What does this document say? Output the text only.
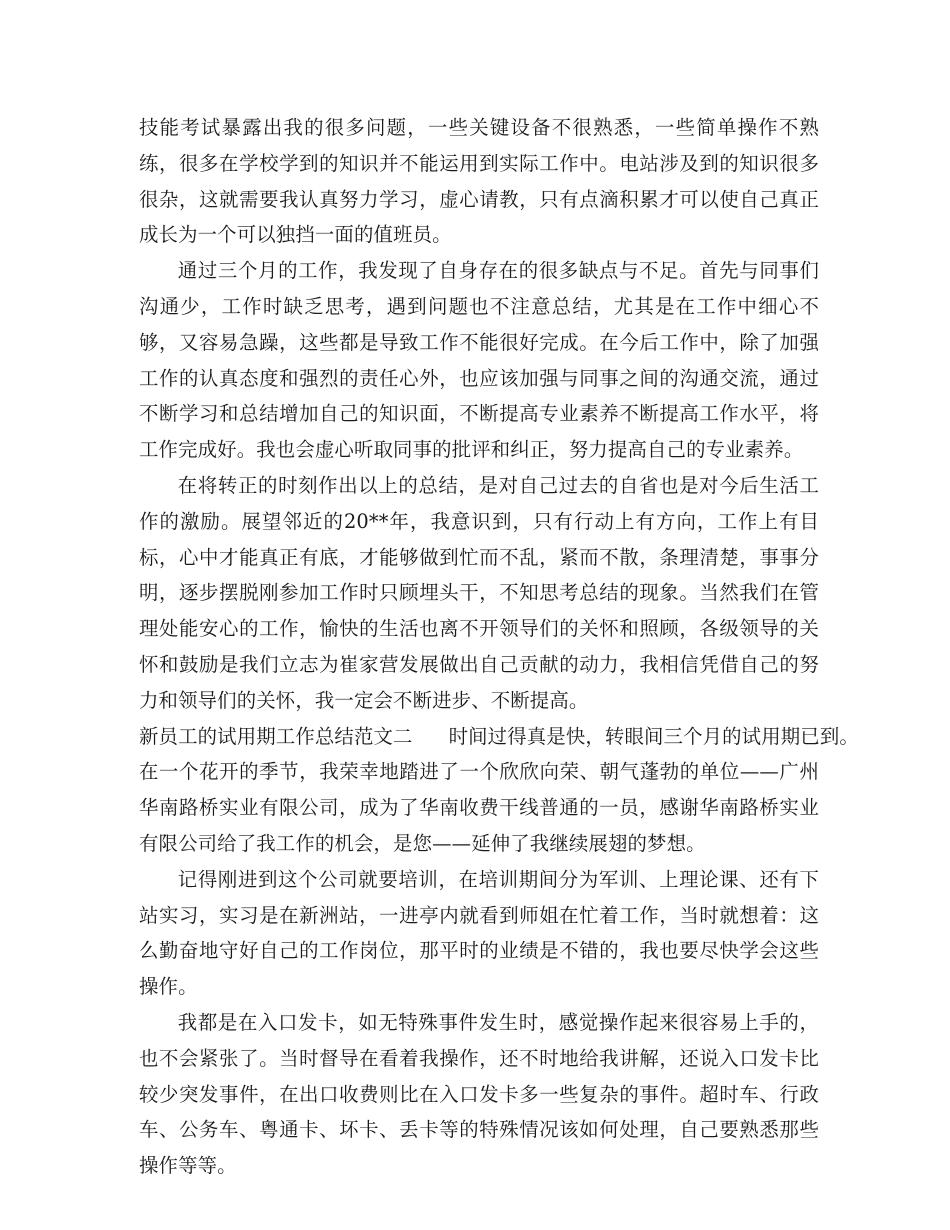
技能考试暴露出我的很多问题，一些关键设备不很熟悉，一些简单操作不熟练，很多在学校学到的知识并不能运用到实际工作中。电站涉及到的知识很多很杂，这就需要我认真努力学习，虚心请教，只有点滴积累才可以使自己真正成长为一个可以独挡一面的值班员。

通过三个月的工作，我发现了自身存在的很多缺点与不足。首先与同事们沟通少，工作时缺乏思考，遇到问题也不注意总结，尤其是在工作中细心不够，又容易急躁，这些都是导致工作不能很好完成。在今后工作中，除了加强工作的认真态度和强烈的责任心外，也应该加强与同事之间的沟通交流，通过不断学习和总结增加自己的知识面，不断提高专业素养不断提高工作水平，将工作完成好。我也会虚心听取同事的批评和纠正，努力提高自己的专业素养。

在将转正的时刻作出以上的总结，是对自己过去的自省也是对今后生活工作的激励。展望邻近的20**年，我意识到，只有行动上有方向，工作上有目标，心中才能真正有底，才能够做到忙而不乱，紧而不散，条理清楚，事事分明，逐步摆脱刚参加工作时只顾埋头干，不知思考总结的现象。当然我们在管理处能安心的工作，愉快的生活也离不开领导们的关怀和照顾，各级领导的关怀和鼓励是我们立志为崔家营发展做出自己贡献的动力，我相信凭借自己的努力和领导们的关怀，我一定会不断进步、不断提高。

新员工的试用期工作总结范文二 时间过得真是快，转眼间三个月的试用期已到。

在一个花开的季节，我荣幸地踏进了一个欣欣向荣、朝气蓬勃的单位——广州华南路桥实业有限公司，成为了华南收费干线普通的一员，感谢华南路桥实业有限公司给了我工作的机会，是您——延伸了我继续展翅的梦想。

记得刚进到这个公司就要培训，在培训期间分为军训、上理论课、还有下站实习，实习是在新洲站，一进亭内就看到师姐在忙着工作，当时就想着：这么勤奋地守好自己的工作岗位，那平时的业绩是不错的，我也要尽快学会这些操作。

我都是在入口发卡，如无特殊事件发生时，感觉操作起来很容易上手的，也不会紧张了。当时督导在看着我操作，还不时地给我讲解，还说入口发卡比较少突发事件，在出口收费则比在入口发卡多一些复杂的事件。超时车、行政车、公务车、粤通卡、坏卡、丢卡等的特殊情况该如何处理，自己要熟悉那些操作等等。
